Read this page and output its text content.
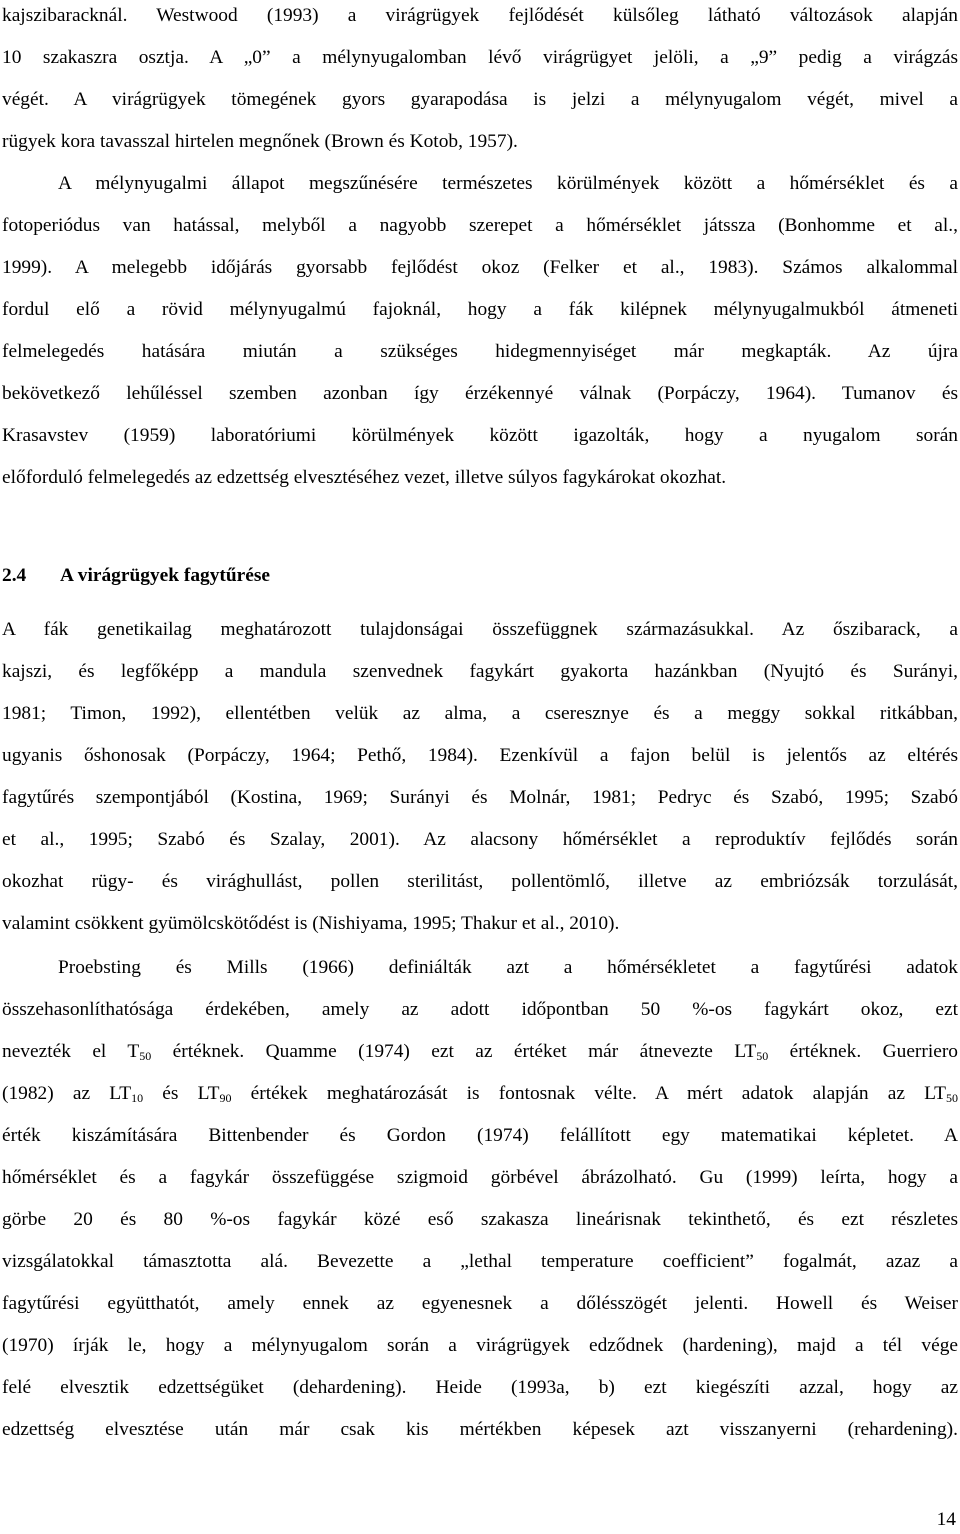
kajszibaracknál. Westwood (1993) a virágrügyek fejlődését külsőleg látható változások alapján
10 szakaszra osztja. A „0” a mélynyugalomban lévő virágrügyet jelöli, a „9” pedig a virágzás
végét. A virágrügyek tömegének gyors gyarapodása is jelzi a mélynyugalom végét, mivel a
rügyek kora tavasszal hirtelen megnőnek (Brown és Kotob, 1957).
A mélynyugalmi állapot megszűnésére természetes körülmények között a hőmérséklet és a
fotoperiódus van hatással, melyből a nagyobb szerepet a hőmérséklet játssza (Bonhomme et al.,
1999). A melegebb időjárás gyorsabb fejlődést okoz (Felker et al., 1983). Számos alkalommal
fordul elő a rövid mélynyugalmú fajoknál, hogy a fák kilépnek mélynyugalmukból átmeneti
felmelegedés hatására miután a szükséges hidegmennyiséget már megkapták. Az újra
bekövetkező lehűléssel szemben azonban így érzékennyé válnak (Porpáczy, 1964). Tumanov és
Krasavstev (1959) laboratóriumi körülmények között igazolták, hogy a nyugalom során
előforduló felmelegedés az edzettség elvesztéséhez vezet, illetve súlyos fagykárokat okozhat.
2.4 A virágrügyek fagytűrése
A fák genetikailag meghatározott tulajdonságai összefüggnek származásukkal. Az őszibarack, a
kajszi, és legfőképp a mandula szenvednek fagykárt gyakorta hazánkban (Nyujtó és Surányi,
1981; Timon, 1992), ellentétben velük az alma, a cseresznye és a meggy sokkal ritkábban,
ugyanis őshonosak (Porpáczy, 1964; Pethő, 1984). Ezenkívül a fajon belül is jelentős az eltérés
fagytűrés szempontjából (Kostina, 1969; Surányi és Molnár, 1981; Pedryc és Szabó, 1995; Szabó
et al., 1995; Szabó és Szalay, 2001). Az alacsony hőmérséklet a reproduktív fejlődés során
okozhat rügy- és virághullást, pollen sterilitást, pollentömlő, illetve az embriózsák torzulását,
valamint csökkent gyümölcskötődést is (Nishiyama, 1995; Thakur et al., 2010).
Proebsting és Mills (1966) definiálták azt a hőmérsékletet a fagytűrési adatok
összehasonlíthatósága érdekében, amely az adott időpontban 50 %-os fagykárt okoz, ezt
nevezték el $T_{50}$ értéknek. Quamme (1974) ezt az értéket már átnevezte $LT_{50}$ értéknek. Guerriero
(1982) az $LT_{10}$ és $LT_{90}$ értékek meghatározását is fontosnak vélte. A mért adatok alapján az $LT_{50}$
érték kiszámítására Bittenbender és Gordon (1974) felállított egy matematikai képletet. A
hőmérséklet és a fagykár összefüggése szigmoid görbével ábrázolható. Gu (1999) leírta, hogy a
görbe 20 és 80 %-os fagykár közé eső szakasza lineárisnak tekinthető, és ezt részletes
vizsgálatokkal támasztotta alá. Bevezette a „lethal temperature coefficient” fogalmát, azaz a
fagytűrési együtthatót, amely ennek az egyenesnek a dőlésszögét jelenti. Howell és Weiser
(1970) írják le, hogy a mélynyugalom során a virágrügyek edződnek (hardening), majd a tél vége
felé elvesztik edzettségüket (dehardening). Heide (1993a, b) ezt kiegészíti azzal, hogy az
edzettség elvesztése után már csak kis mértékben képesek azt visszanyerni (rehardening).
14
